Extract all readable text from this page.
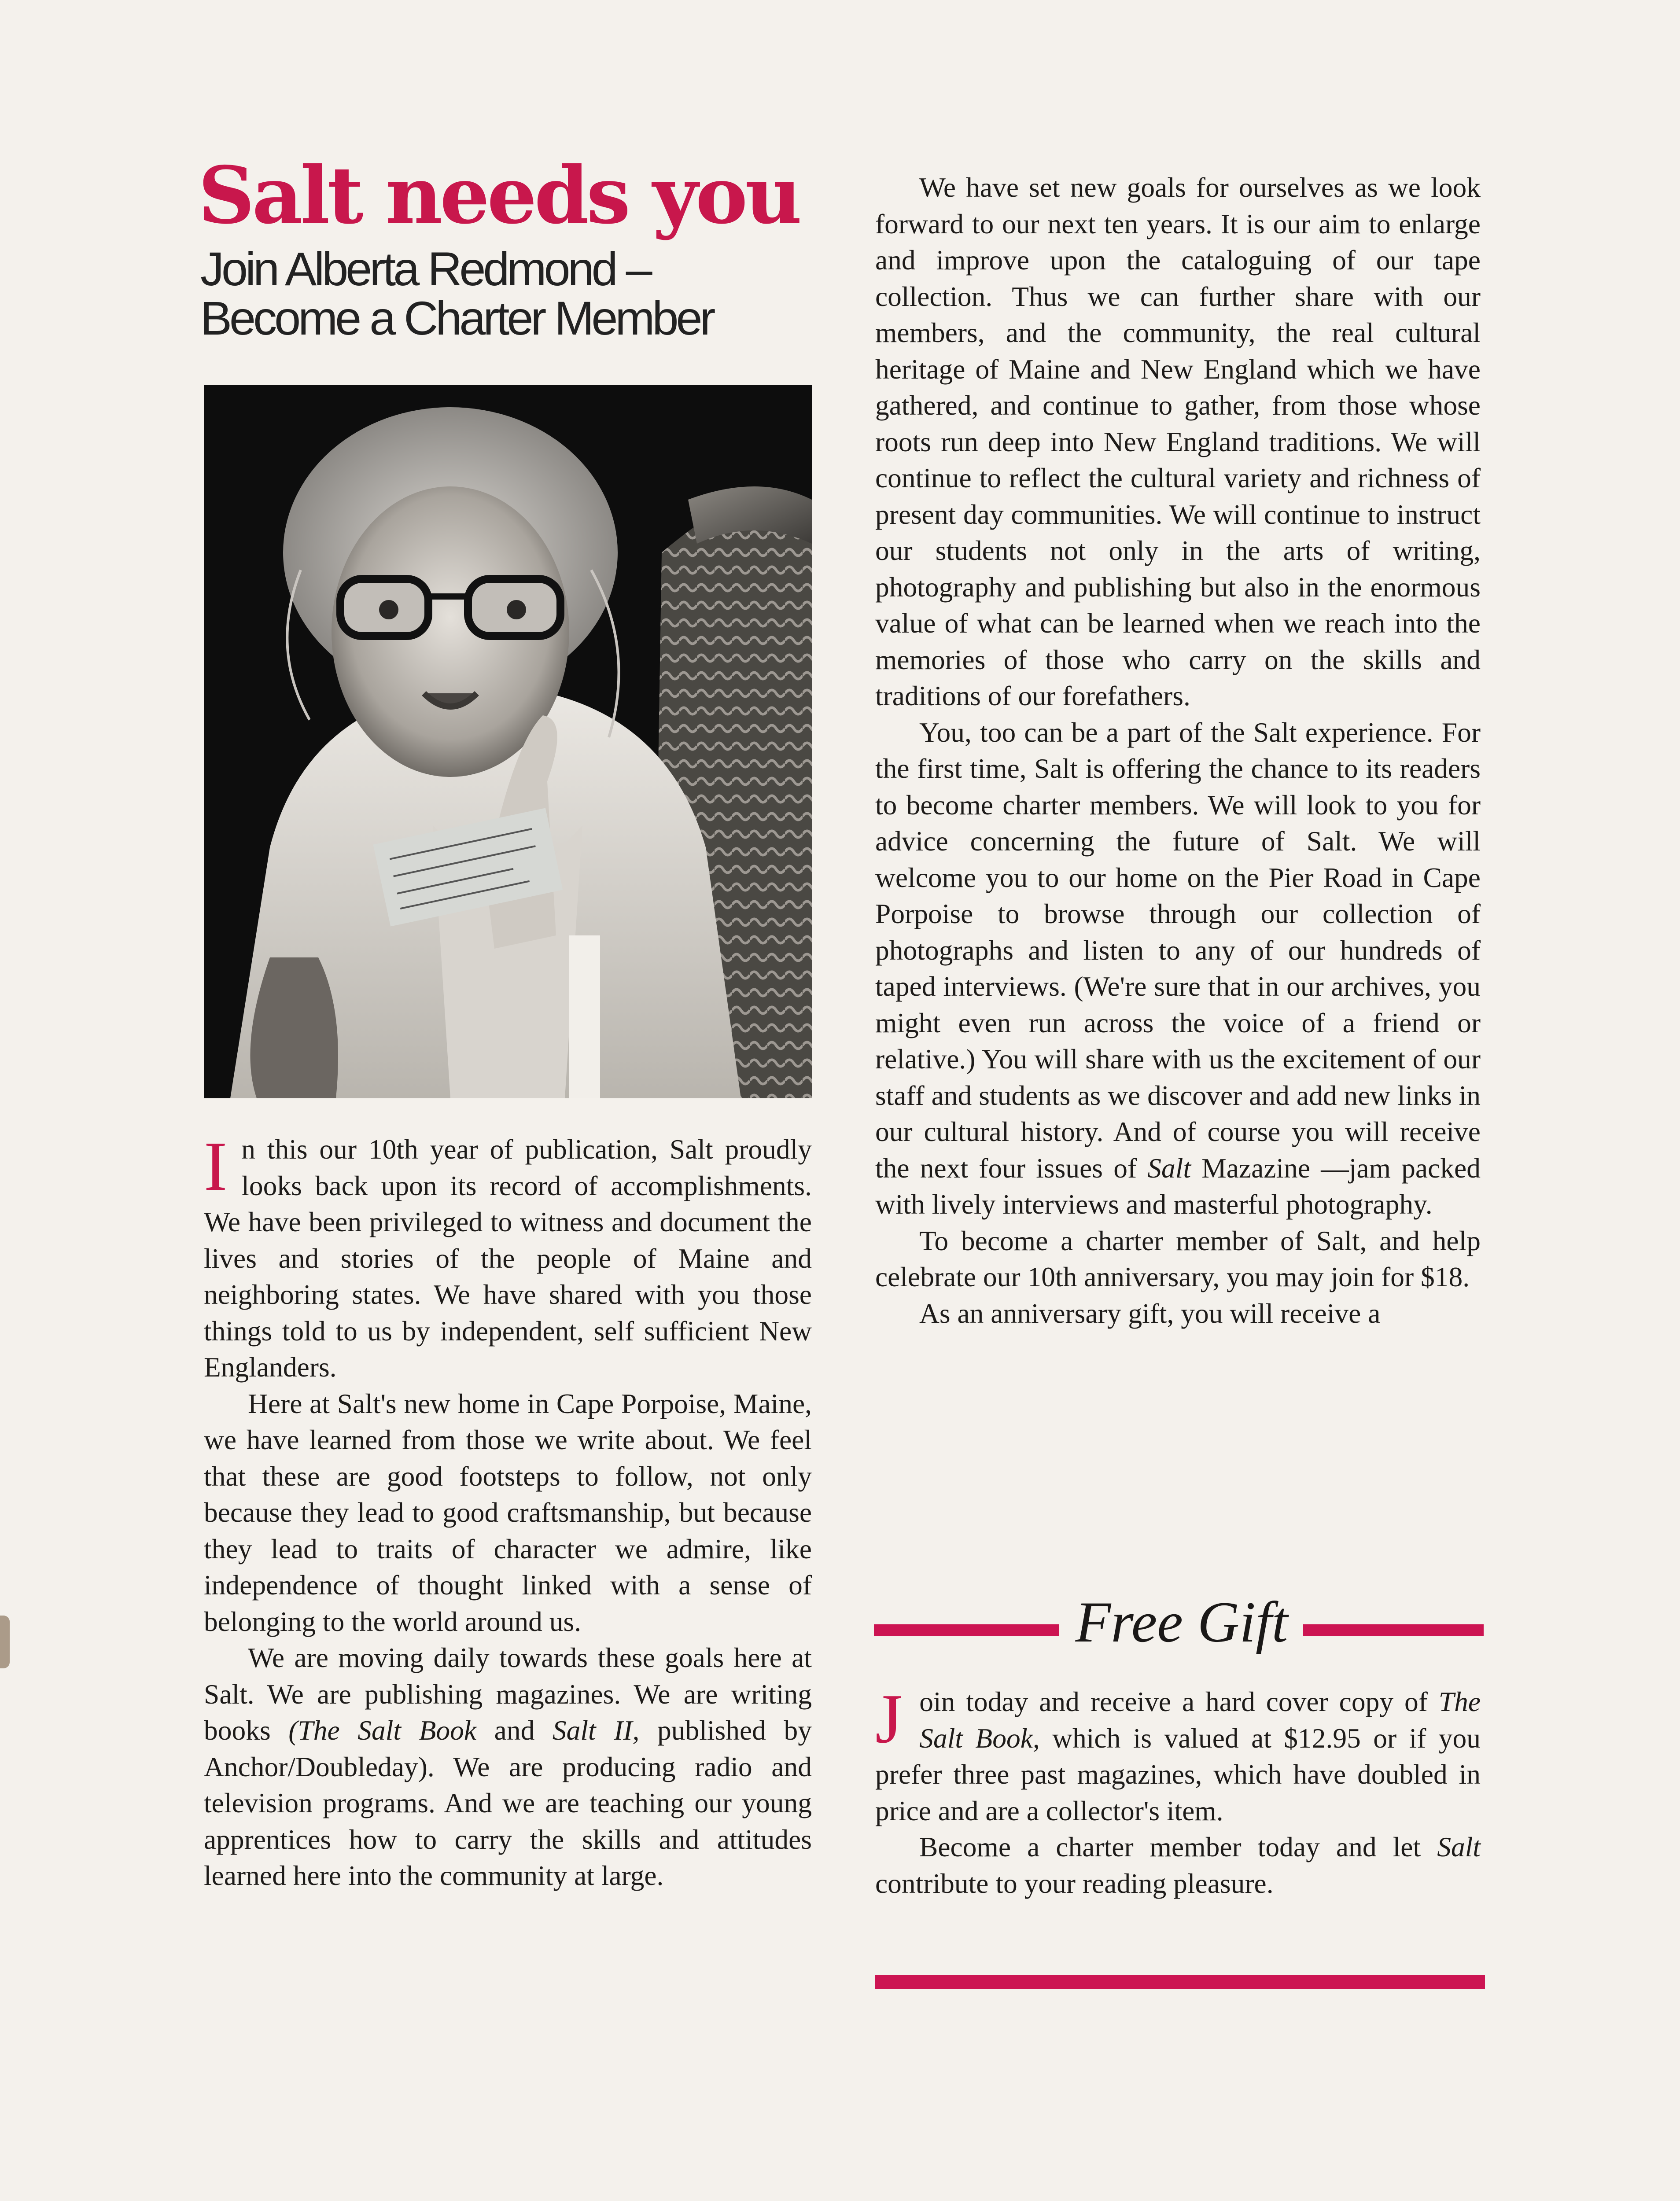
Salt needs you
Join Alberta Redmond –
Become a Charter Member

In this our 10th year of publication, Salt proudly looks back upon its record of accomplishments. We have been privileged to witness and document the lives and stories of the people of Maine and neighboring states. We have shared with you those things told to us by independent, self sufficient New Englanders.

Here at Salt's new home in Cape Porpoise, Maine, we have learned from those we write about. We feel that these are good footsteps to follow, not only because they lead to good craftsmanship, but because they lead to traits of character we admire, like independence of thought linked with a sense of belonging to the world around us.

We are moving daily towards these goals here at Salt. We are publishing magazines. We are writing books (The Salt Book and Salt II, published by Anchor/Doubleday). We are producing radio and television programs. And we are teaching our young apprentices how to carry the skills and attitudes learned here into the community at large.

We have set new goals for ourselves as we look forward to our next ten years. It is our aim to enlarge and improve upon the cataloguing of our tape collection. Thus we can further share with our members, and the community, the real cultural heritage of Maine and New England which we have gathered, and continue to gather, from those whose roots run deep into New England traditions. We will continue to reflect the cultural variety and richness of present day communities. We will continue to instruct our students not only in the arts of writing, photography and publishing but also in the enormous value of what can be learned when we reach into the memories of those who carry on the skills and traditions of our forefathers.

You, too can be a part of the Salt experience. For the first time, Salt is offering the chance to its readers to become charter members. We will look to you for advice concerning the future of Salt. We will welcome you to our home on the Pier Road in Cape Porpoise to browse through our collection of photographs and listen to any of our hundreds of taped interviews. (We're sure that in our archives, you might even run across the voice of a friend or relative.) You will share with us the excitement of our staff and students as we discover and add new links in our cultural history. And of course you will receive the next four issues of Salt Mazazine —jam packed with lively interviews and masterful photography.

To become a charter member of Salt, and help celebrate our 10th anniversary, you may join for $18.

As an anniversary gift, you will receive a

Free Gift

Join today and receive a hard cover copy of The Salt Book, which is valued at $12.95 or if you prefer three past magazines, which have doubled in price and are a collector's item.

Become a charter member today and let Salt contribute to your reading pleasure.
